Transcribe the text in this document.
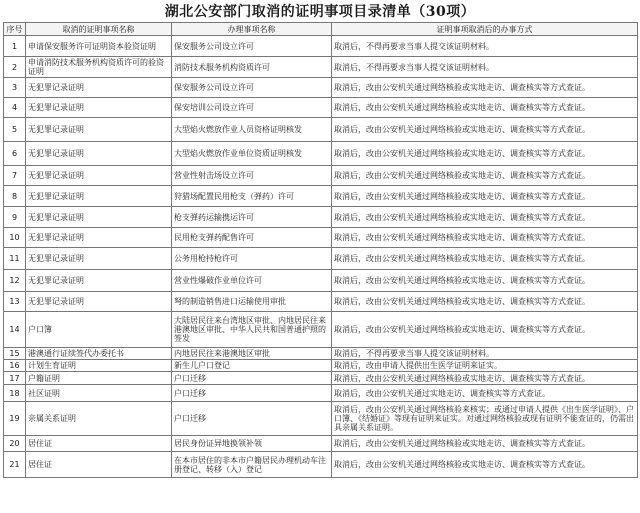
湖北公安部门取消的证明事项目录清单（30项）
序号	取消的证明事项名称	办理事项名称	证明事项取消后的办事方式
1	申请保安服务许可证明资本验资证明	保安服务公司设立许可	取消后，不得再要求当事人提交该证明材料。
2	申请消防技术服务机构资质许可的验资证明	消防技术服务机构资质许可	取消后，不得再要求当事人提交该证明材料。
3	无犯罪记录证明	保安服务公司设立许可	取消后，改由公安机关通过网络核验或实地走访、调查核实等方式查证。
4	无犯罪记录证明	保安培训公司设立许可	取消后，改由公安机关通过网络核验或实地走访、调查核实等方式查证。
5	无犯罪记录证明	大型焰火燃放作业人员资格证明核发	取消后，改由公安机关通过网络核验或实地走访、调查核实等方式查证。
6	无犯罪记录证明	大型焰火燃放作业单位资质证明核发	取消后，改由公安机关通过网络核验或实地走访、调查核实等方式查证。
7	无犯罪记录证明	营业性射击场设立许可	取消后，改由公安机关通过网络核验或实地走访、调查核实等方式查证。
8	无犯罪记录证明	狩猎场配置民用枪支（弹药）许可	取消后，改由公安机关通过网络核验或实地走访、调查核实等方式查证。
9	无犯罪记录证明	枪支弹药运输携运许可	取消后，改由公安机关通过网络核验或实地走访、调查核实等方式查证。
10	无犯罪记录证明	民用枪支弹药配售许可	取消后，改由公安机关通过网络核验或实地走访、调查核实等方式查证。
11	无犯罪记录证明	公务用枪持枪许可	取消后，改由公安机关通过网络核验或实地走访、调查核实等方式查证。
12	无犯罪记录证明	营业性爆破作业单位许可	取消后，改由公安机关通过网络核验或实地走访、调查核实等方式查证。
13	无犯罪记录证明	弩的制造销售进口运输使用审批	取消后，改由公安机关通过网络核验或实地走访、调查核实等方式查证。
14	户口簿	大陆居民往来台湾地区审批、内地居民往来港澳地区审批、中华人民共和国普通护照的签发	取消后，改由公安机关通过网络核验或实地走访、调查核实等方式查证。
15	港澳通行证续签代办委托书	内地居民往来港澳地区审批	取消后，不得再要求当事人提交该证明材料。
16	计划生育证明	新生儿户口登记	取消后，改由申请人提供出生医学证明来证实。
17	户籍证明	户口迁移	取消后，改由公安机关通过网络核验或实地走访、调查核实等方式查证。
18	社区证明	户口迁移	取消后，改由公安机关通过实地走访、调查核实等方式查证。
19	亲属关系证明	户口迁移	取消后，改由公安机关通过网络核验来核实；或通过申请人提供《出生医学证明》、户口簿、《结婚证》等现有证明来证实。对通过网络核验或现有证明不能查证的，仍需出具亲属关系证明。
20	居住证	居民身份证异地换领补领	取消后，改由公安机关通过网络核验或实地走访、调查核实等方式查证。
21	居住证	在本市居住的非本市户籍居民办理机动车注册登记、转移（入）登记	取消后，改由公安机关通过网络核验或实地走访、调查核实等方式查证。
